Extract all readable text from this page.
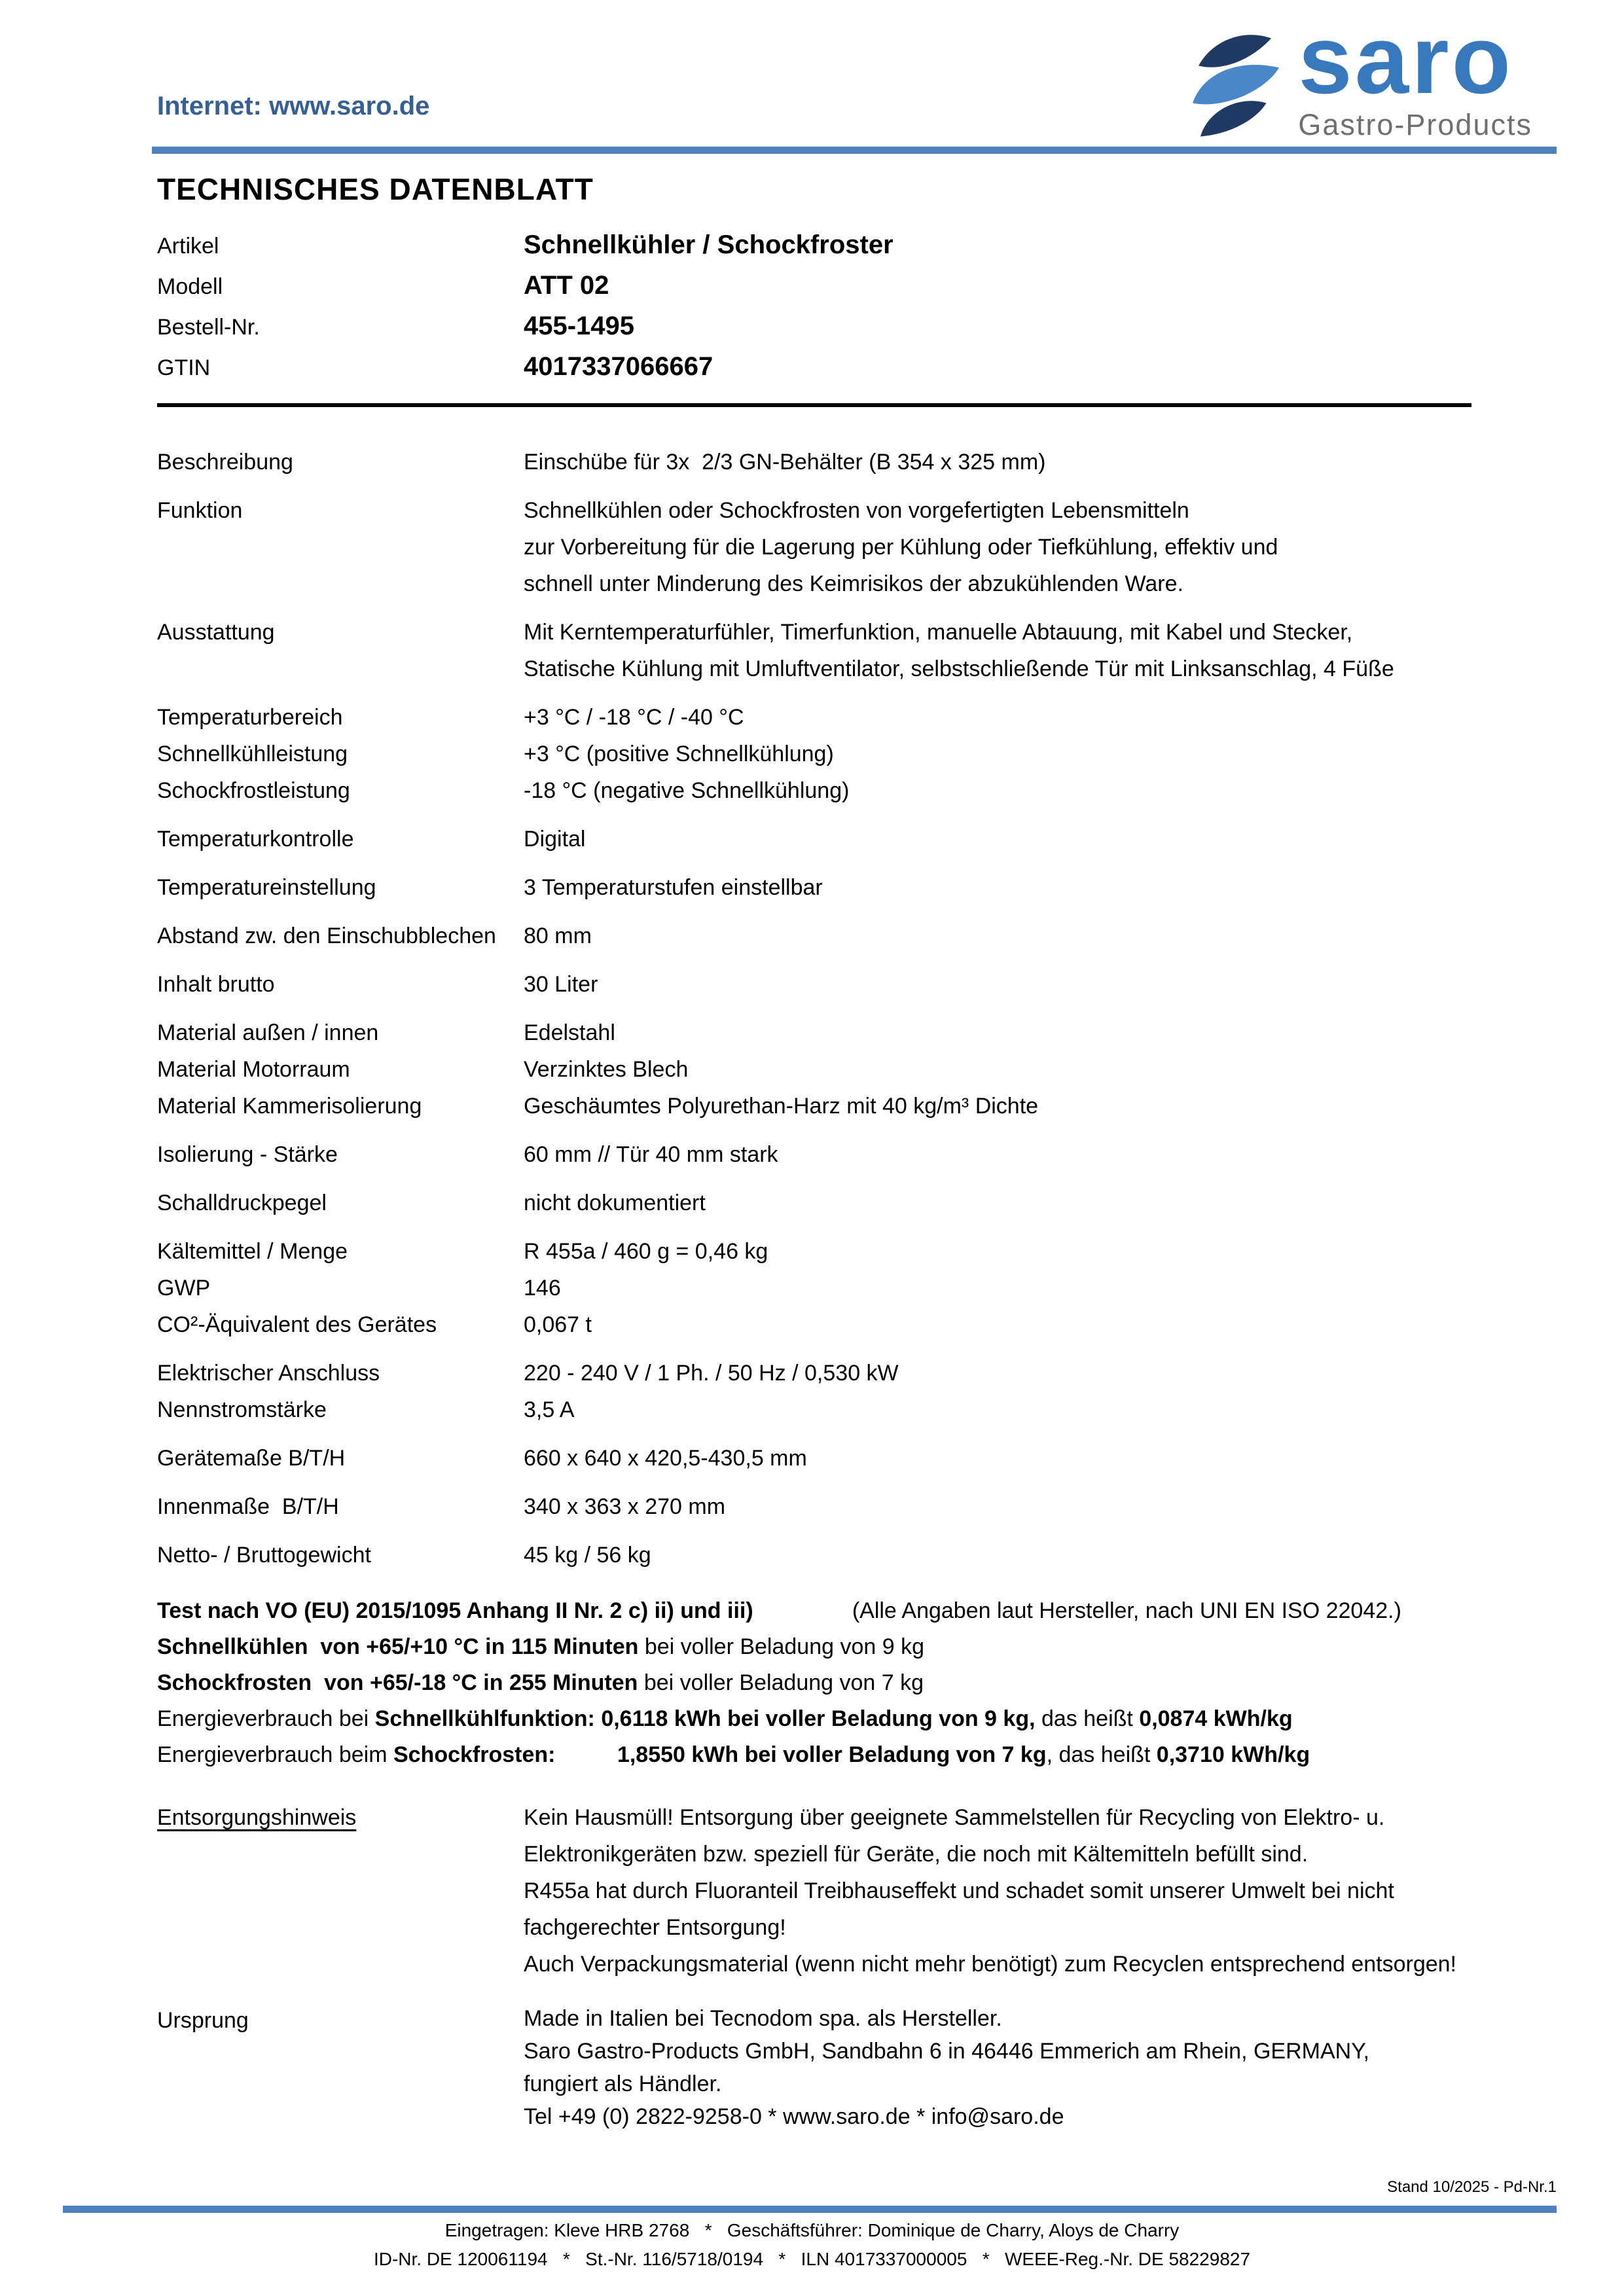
Internet: www.saro.de	saro
Gastro-Products
TECHNISCHES DATENBLATT
Artikel	Schnellkühler / Schockfroster
Modell	ATT 02
Bestell-Nr.	455-1495
GTIN	4017337066667
Beschreibung	Einschübe für 3x  2/3 GN-Behälter (B 354 x 325 mm)
Funktion	Schnellkühlen oder Schockfrosten von vorgefertigten Lebensmitteln
zur Vorbereitung für die Lagerung per Kühlung oder Tiefkühlung, effektiv und
schnell unter Minderung des Keimrisikos der abzukühlenden Ware.
Ausstattung	Mit Kerntemperaturfühler, Timerfunktion, manuelle Abtauung, mit Kabel und Stecker,
Statische Kühlung mit Umluftventilator, selbstschließende Tür mit Linksanschlag, 4 Füße
Temperaturbereich	+3 °C / -18 °C / -40 °C
Schnellkühlleistung	+3 °C (positive Schnellkühlung)
Schockfrostleistung	-18 °C (negative Schnellkühlung)
Temperaturkontrolle	Digital
Temperatureinstellung	3 Temperaturstufen einstellbar
Abstand zw. den Einschubblechen	80 mm
Inhalt brutto	30 Liter
Material außen / innen	Edelstahl
Material Motorraum	Verzinktes Blech
Material Kammerisolierung	Geschäumtes Polyurethan-Harz mit 40 kg/m³ Dichte
Isolierung - Stärke	60 mm // Tür 40 mm stark
Schalldruckpegel	nicht dokumentiert
Kältemittel / Menge	R 455a / 460 g = 0,46 kg
GWP	146
CO²-Äquivalent des Gerätes	0,067 t
Elektrischer Anschluss	220 - 240 V / 1 Ph. / 50 Hz / 0,530 kW
Nennstromstärke	3,5 A
Gerätemaße B/T/H	660 x 640 x 420,5-430,5 mm
Innenmaße  B/T/H	340 x 363 x 270 mm
Netto- / Bruttogewicht	45 kg / 56 kg
Test nach VO (EU) 2015/1095 Anhang II Nr. 2 c) ii) und iii)                (Alle Angaben laut Hersteller, nach UNI EN ISO 22042.)
Schnellkühlen  von +65/+10 °C in 115 Minuten bei voller Beladung von 9 kg
Schockfrosten  von +65/-18 °C in 255 Minuten bei voller Beladung von 7 kg
Energieverbrauch bei Schnellkühlfunktion: 0,6118 kWh bei voller Beladung von 9 kg, das heißt 0,0874 kWh/kg
Energieverbrauch beim Schockfrosten:	1,8550 kWh bei voller Beladung von 7 kg, das heißt 0,3710 kWh/kg
Entsorgungshinweis	Kein Hausmüll! Entsorgung über geeignete Sammelstellen für Recycling von Elektro- u.
Elektronikgeräten bzw. speziell für Geräte, die noch mit Kältemitteln befüllt sind.
R455a hat durch Fluoranteil Treibhauseffekt und schadet somit unserer Umwelt bei nicht
fachgerechter Entsorgung!
Auch Verpackungsmaterial (wenn nicht mehr benötigt) zum Recyclen entsprechend entsorgen!
Ursprung	Made in Italien bei Tecnodom spa. als Hersteller.
Saro Gastro-Products GmbH, Sandbahn 6 in 46446 Emmerich am Rhein, GERMANY,
fungiert als Händler.
Tel +49 (0) 2822-9258-0 * www.saro.de * info@saro.de
Stand 10/2025 - Pd-Nr.1
Eingetragen: Kleve HRB 2768   *   Geschäftsführer: Dominique de Charry, Aloys de Charry
ID-Nr. DE 120061194   *   St.-Nr. 116/5718/0194   *   ILN 4017337000005   *   WEEE-Reg.-Nr. DE 58229827
